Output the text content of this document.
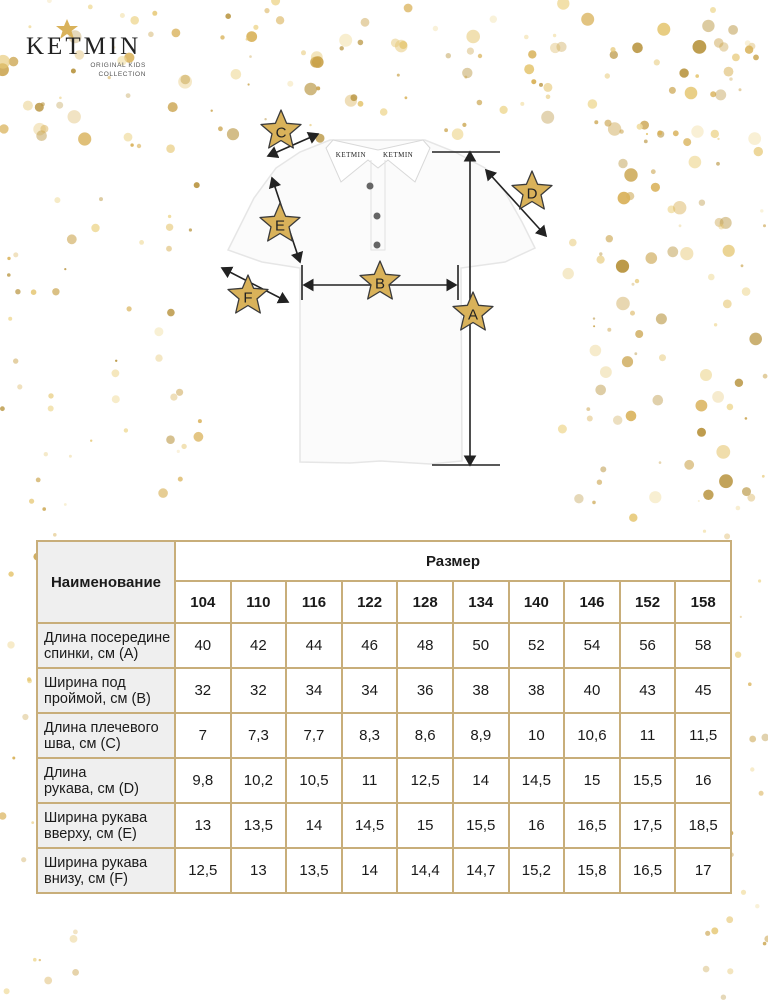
KETMIN
ORIGINAL KIDS
COLLECTION
KETMIN KETMIN
A
B
C
D
E
F
Наименование	Размер									
	104	110	116	122	128	134	140	146	152	158

Длина посередине
спинки, см (A)	40	42	44	46	48	50	52	54	56	58

Ширина под
проймой, см (B)	32	32	34	34	36	38	38	40	43	45

Длина плечевого
шва, см (C)	7	7,3	7,7	8,3	8,6	8,9	10	10,6	11	11,5

Длина
рукава, см (D)	9,8	10,2	10,5	11	12,5	14	14,5	15	15,5	16

Ширина рукава
вверху, см (E)	13	13,5	14	14,5	15	15,5	16	16,5	17,5	18,5

Ширина рукава
внизу, см (F)	12,5	13	13,5	14	14,4	14,7	15,2	15,8	16,5	17
